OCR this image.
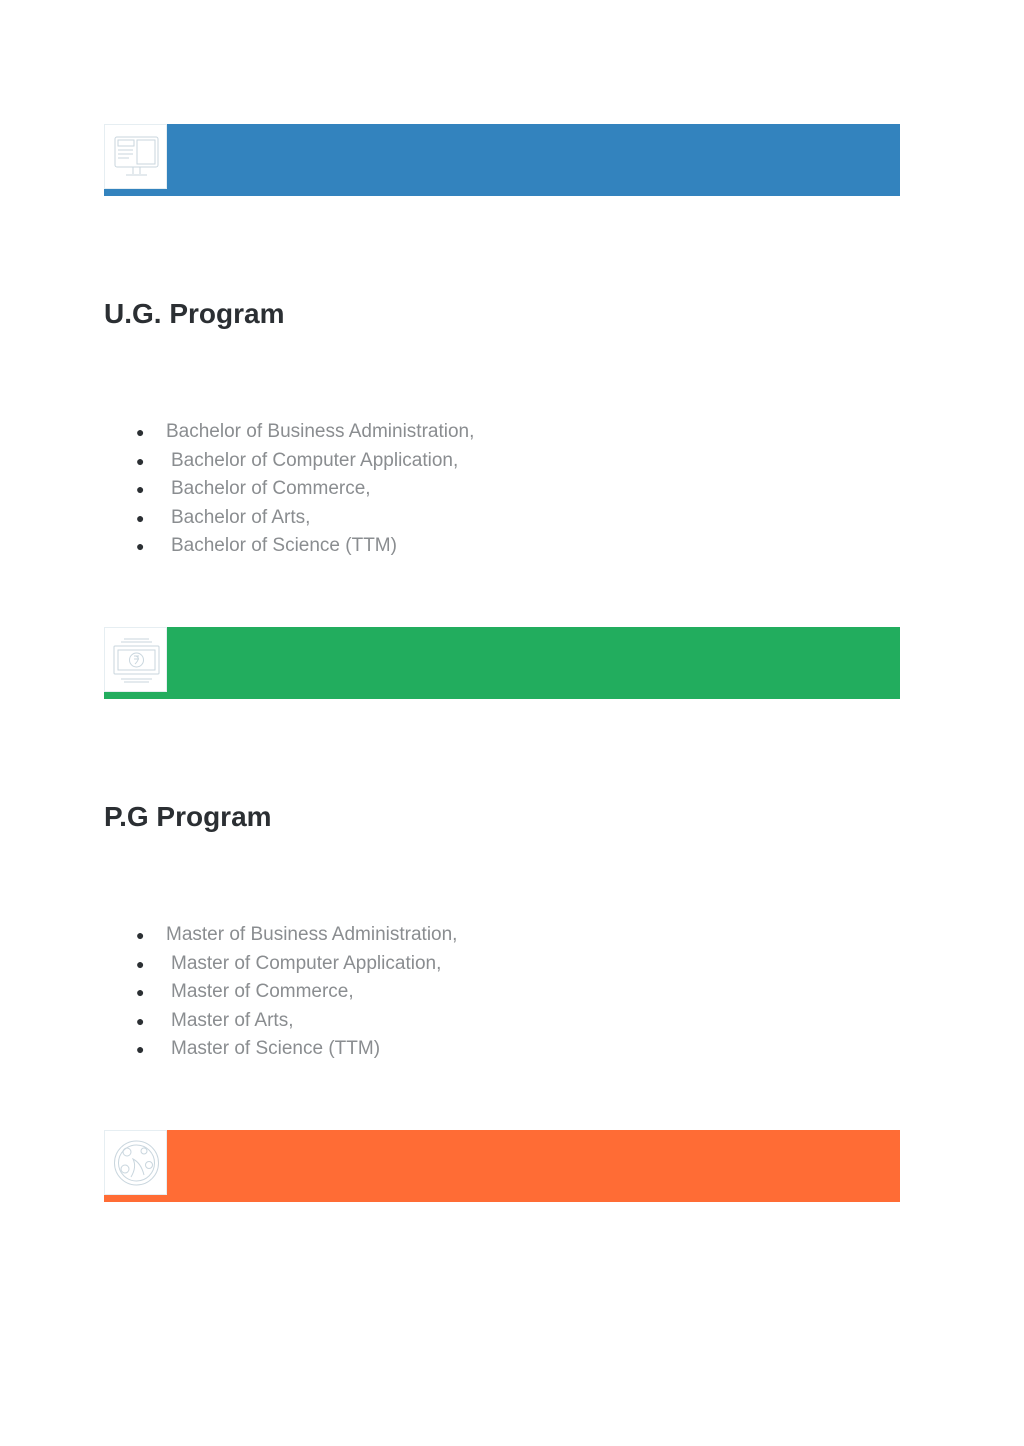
U.G. Program
● Bachelor of Business Administration,
● Bachelor of Computer Application,
● Bachelor of Commerce,
● Bachelor of Arts,
● Bachelor of Science (TTM)
P.G Program
● Master of Business Administration,
● Master of Computer Application,
● Master of Commerce,
● Master of Arts,
● Master of Science (TTM)
